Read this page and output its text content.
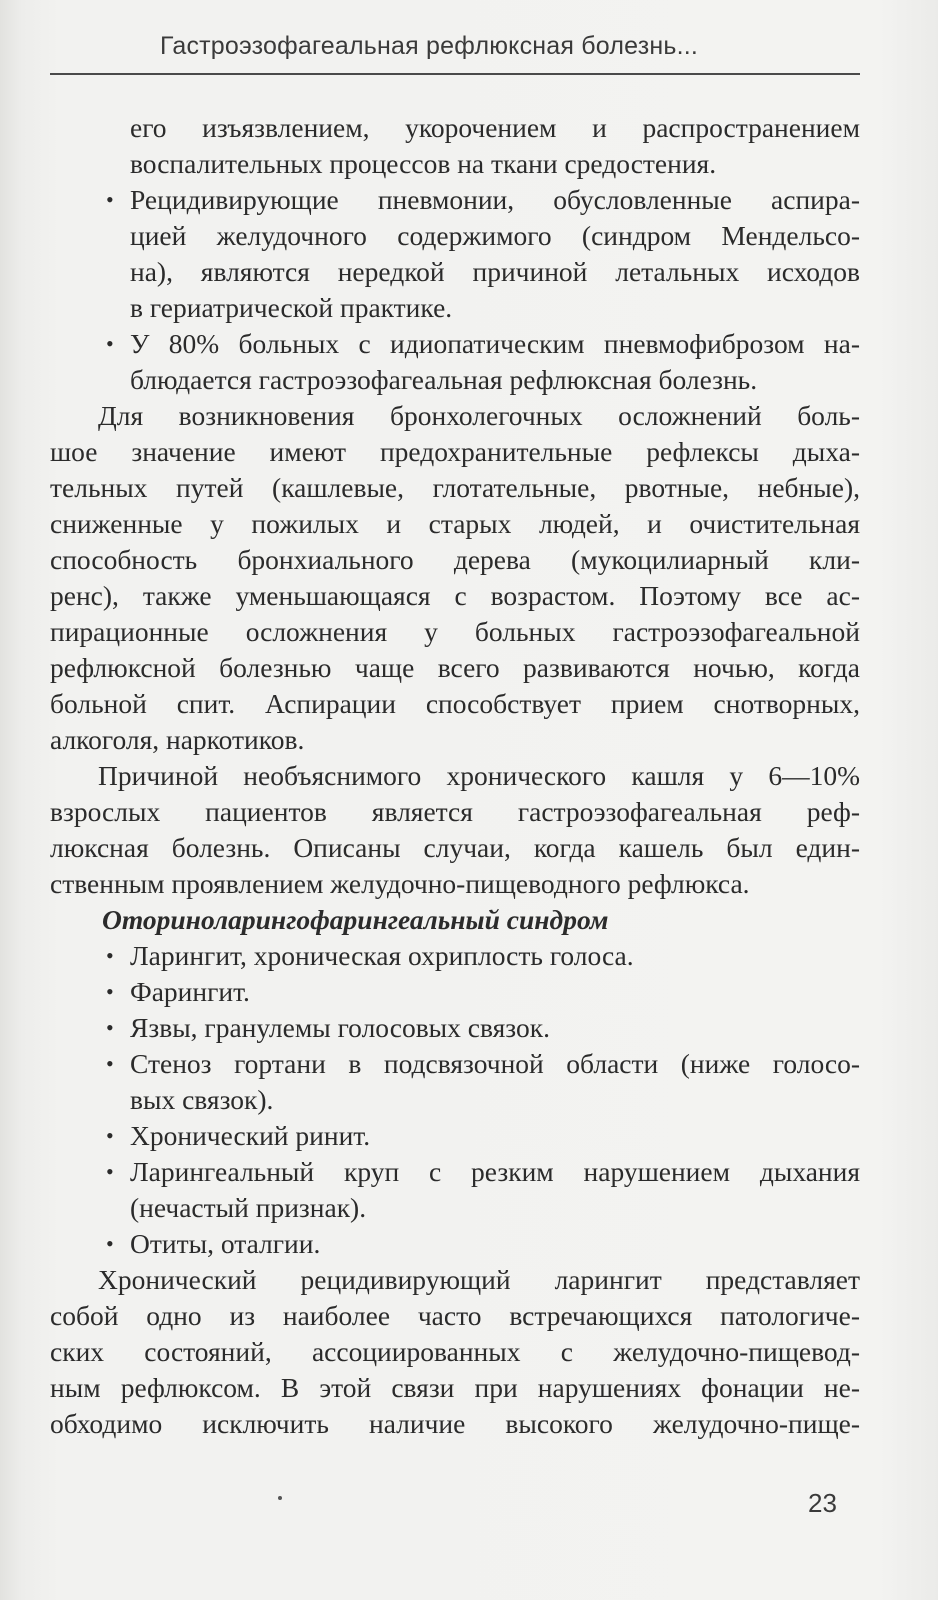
Гастроэзофагеальная рефлюксная болезнь...
его изъязвлением, укорочением и распространением
воспалительных процессов на ткани средостения.
• Рецидивирующие пневмонии, обусловленные аспира-
цией желудочного содержимого (синдром Мендельсо-
на), являются нередкой причиной летальных исходов
в гериатрической практике.
• У 80% больных с идиопатическим пневмофиброзом на-
блюдается гастроэзофагеальная рефлюксная болезнь.
Для возникновения бронхолегочных осложнений боль-
шое значение имеют предохранительные рефлексы дыха-
тельных путей (кашлевые, глотательные, рвотные, небные),
сниженные у пожилых и старых людей, и очистительная
способность бронхиального дерева (мукоцилиарный кли-
ренс), также уменьшающаяся с возрастом. Поэтому все ас-
пирационные осложнения у больных гастроэзофагеальной
рефлюксной болезнью чаще всего развиваются ночью, когда
больной спит. Аспирации способствует прием снотворных,
алкоголя, наркотиков.
Причиной необъяснимого хронического кашля у 6—10%
взрослых пациентов является гастроэзофагеальная реф-
люксная болезнь. Описаны случаи, когда кашель был един-
ственным проявлением желудочно-пищеводного рефлюкса.
Оториноларингофарингеальный синдром
• Ларингит, хроническая охриплость голоса.
• Фарингит.
• Язвы, гранулемы голосовых связок.
• Стеноз гортани в подсвязочной области (ниже голосо-
вых связок).
• Хронический ринит.
• Ларингеальный круп с резким нарушением дыхания
(нечастый признак).
• Отиты, оталгии.
Хронический рецидивирующий ларингит представляет
собой одно из наиболее часто встречающихся патологиче-
ских состояний, ассоциированных с желудочно-пищевод-
ным рефлюксом. В этой связи при нарушениях фонации не-
обходимо исключить наличие высокого желудочно-пище-
23
